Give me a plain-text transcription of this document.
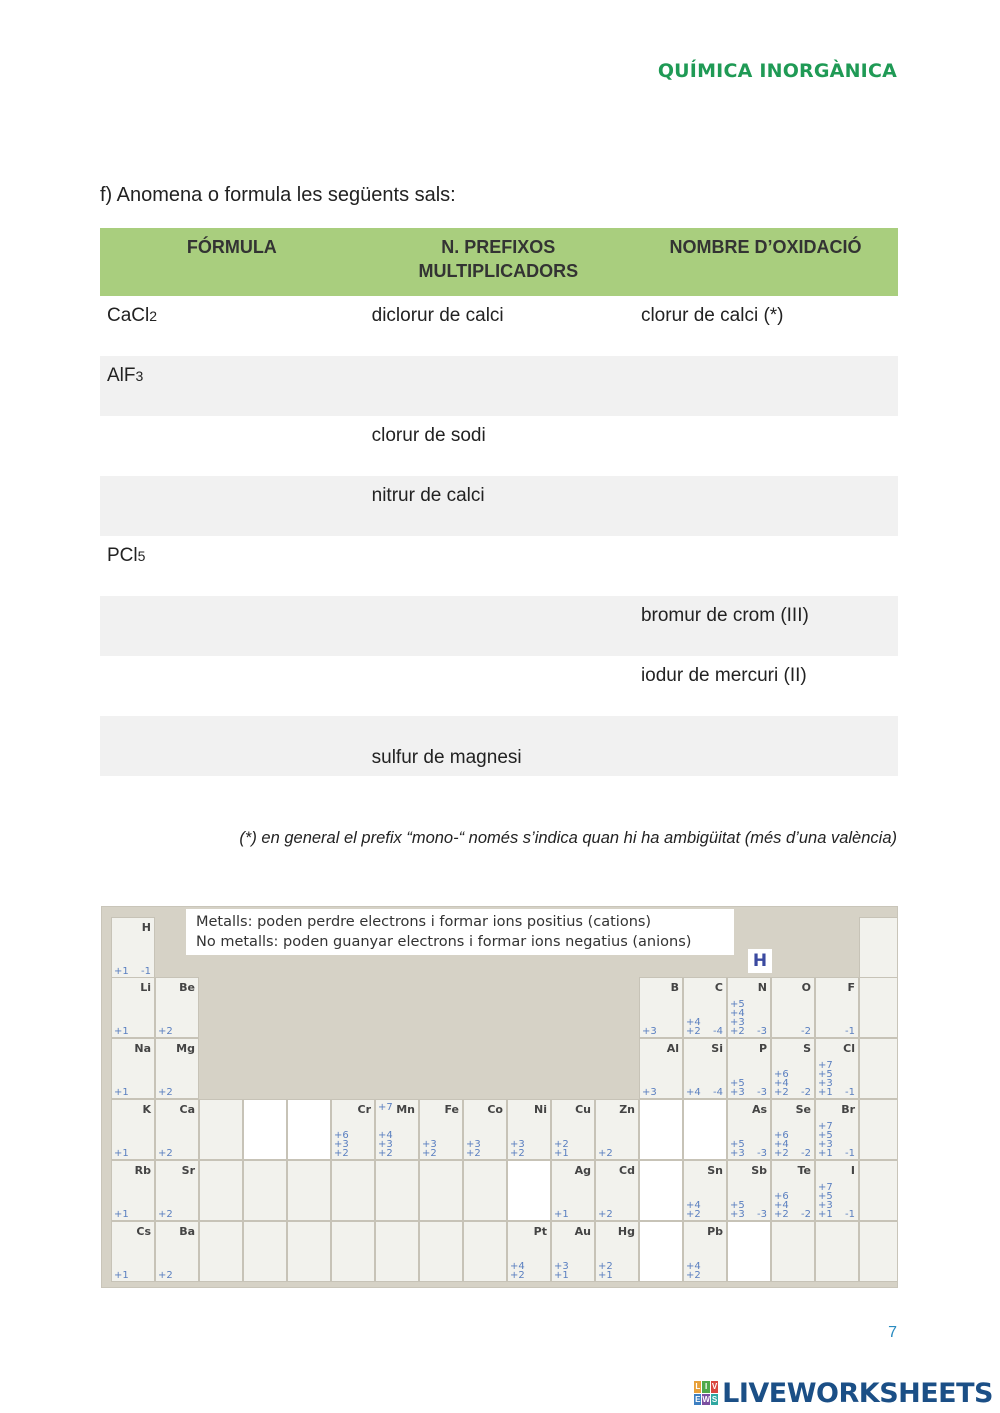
QUÍMICA INORGÀNICA
f) Anomena o formula les següents sals:
FÓRMULA	N. PREFIXOS MULTIPLICADORS	NOMBRE D’OXIDACIÓ
CaCl2	diclorur de calci	clorur de calci (*)
AlF3		
	clorur de sodi	
	nitrur de calci	
PCl5		
		bromur de crom (III)
		iodur de mercuri (II)
	sulfur de magnesi	
(*) en general el prefix “mono-“ només s’indica quan hi ha ambigüitat (més d’una valència)
H
+1 -1
Li
+1
Be
+2
Na
+1
Mg
+2
K
+1
Ca
+2
Cr
+6
+3
+2
Mn
+7
+4
+3
+2
Fe
+3
+2
Co
+3
+2
Ni
+3
+2
Cu
+2
+1
Zn
+2
As
+5
+3 -3
Se
+6
+4
+2 -2
Br
+7
+5
+3
+1 -1
Rb
+1
Sr
+2
Ag
+1
Cd
+2
Sn
+4
+2
Sb
+5
+3 -3
Te
+6
+4
+2 -2
I
+7
+5
+3
+1 -1
Cs
+1
Ba
+2
Pt
+4
+2
Au
+3
+1
Hg
+2
+1
Pb
+4
+2
B
+3
C
+4
+2 -4
N
+5
+4
+3
+2 -3
O
-2
F
-1
Al
+3
Si
+4 -4
P
+5
+3 -3
S
+6
+4
+2 -2
Cl
+7
+5
+3
+1 -1
Metalls: poden perdre electrons i formar ions positius (cations)
No metalls: poden guanyar electrons i formar ions negatius (anions)
H
7
L I V
E W S LIVEWORKSHEETS
